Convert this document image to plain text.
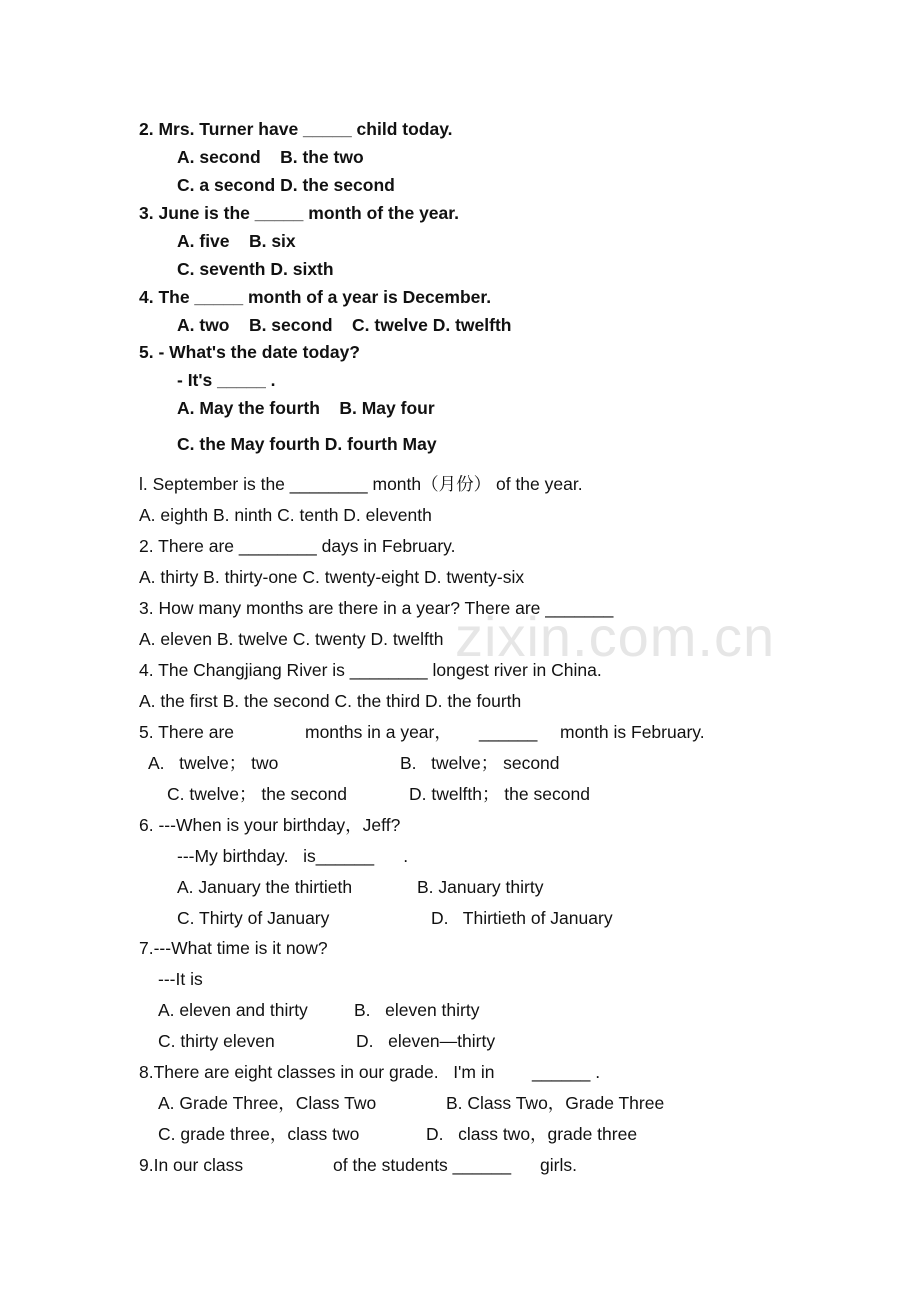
zixin.com.cn
2. Mrs. Turner have _____ child today.
A. second    B. the two
C. a second D. the second
3. June is the _____ month of the year.
A. five    B. six
C. seventh D. sixth
4. The _____ month of a year is December.
A. two    B. second    C. twelve D. twelfth
5. - What's the date today?
- It's _____ .
A. May the fourth    B. May four
C. the May fourth D. fourth May
l. September is the ________ month（月份） of the year.
A. eighth B. ninth C. tenth D. eleventh
2. There are ________ days in February.
A. thirty B. thirty-one C. twenty-eight D. twenty-six
3. How many months are there in a year? There are _______
A. eleven B. twelve C. twenty D. twelfth
4. The Changjiang River is ________ longest river in China.
A. the first B. the second C. the third D. the fourth
5. There are	months in a year， ______ month is February.
A.   twelve； two	B.   twelve； second
C. twelve； the second	D. twelfth； the second
6. ---When is your birthday，Jeff?
---My birthday.   is______      .
A. January the thirtieth	B. January thirty
C. Thirty of January	D.   Thirtieth of January
7.---What time is it now?
---It is
A. eleven and thirty	B.   eleven thirty
C. thirty eleven	D.   eleven—thirty
8.There are eight classes in our grade.   I'm in ______ .
A. Grade Three，Class Two	B. Class Two，Grade Three
C. grade three，class two	D.   class two，grade three
9.In our class	of the students ______ girls.
